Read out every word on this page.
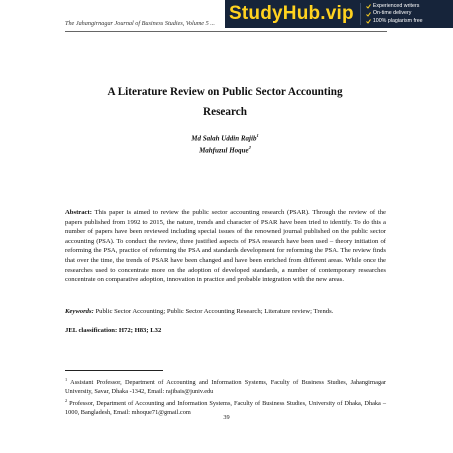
The Jahangirnagar Journal of Business Studies, Volume 5 ... StudyHub.vip	Experienced writers
On-time delivery
100% plagiarism free
A Literature Review on Public Sector Accounting
Research
Md Salah Uddin Rajib$^1$
Mahfuzul Hoque$^2$

Abstract: This paper is aimed to review the public sector accounting research (PSAR). Through the review of the papers published from 1992 to 2015, the nature, trends and character of PSAR have been tried to identify. To do this a number of papers have been reviewed including special issues of the renowned journal published on the public sector accounting (PSA). To conduct the review, three justified aspects of PSA research have been used – theory initiation of reforming the PSA, practice of reforming the PSA and standards development for reforming the PSA. The review finds that over the time, the trends of PSAR have been changed and have been enriched from different areas. While once the researches used to concentrate more on the adoption of developed standards, a number of contemporary researches concentrate on comparative adoption, innovation in practice and probable integration with the new areas.

Keywords: Public Sector Accounting; Public Sector Accounting Research; Literature review; Trends.

JEL classification: H72; H83; L32

$^1$ Assistant Professor, Department of Accounting and Information Systems, Faculty of Business Studies, Jahangirnagar University, Savar, Dhaka -1342, Email: rajibais@juniv.edu

$^2$ Professor, Department of Accounting and Information Systems, Faculty of Business Studies, University of Dhaka, Dhaka – 1000, Bangladesh, Email: mhoque71@gmail.com

39
